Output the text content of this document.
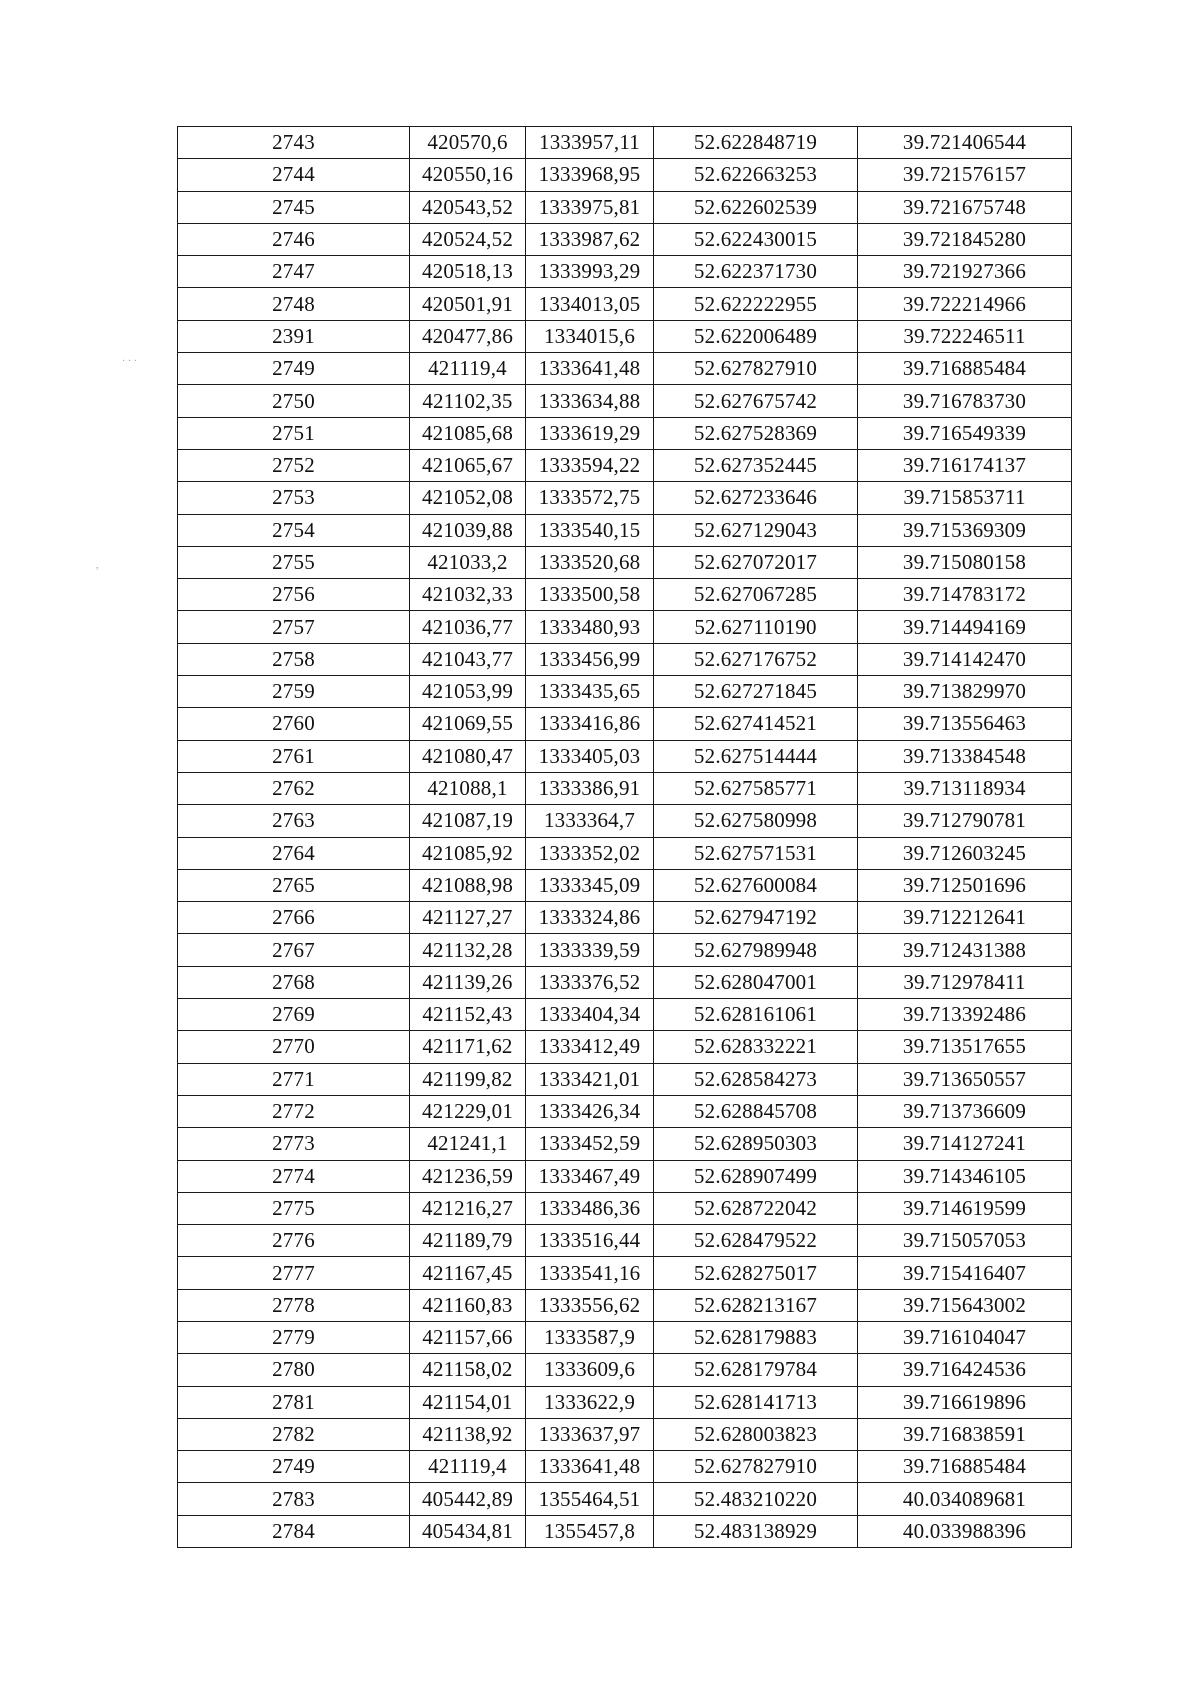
· · ·
,
2743	420570,6	1333957,11	52.622848719	39.721406544
2744	420550,16	1333968,95	52.622663253	39.721576157
2745	420543,52	1333975,81	52.622602539	39.721675748
2746	420524,52	1333987,62	52.622430015	39.721845280
2747	420518,13	1333993,29	52.622371730	39.721927366
2748	420501,91	1334013,05	52.622222955	39.722214966
2391	420477,86	1334015,6	52.622006489	39.722246511
2749	421119,4	1333641,48	52.627827910	39.716885484
2750	421102,35	1333634,88	52.627675742	39.716783730
2751	421085,68	1333619,29	52.627528369	39.716549339
2752	421065,67	1333594,22	52.627352445	39.716174137
2753	421052,08	1333572,75	52.627233646	39.715853711
2754	421039,88	1333540,15	52.627129043	39.715369309
2755	421033,2	1333520,68	52.627072017	39.715080158
2756	421032,33	1333500,58	52.627067285	39.714783172
2757	421036,77	1333480,93	52.627110190	39.714494169
2758	421043,77	1333456,99	52.627176752	39.714142470
2759	421053,99	1333435,65	52.627271845	39.713829970
2760	421069,55	1333416,86	52.627414521	39.713556463
2761	421080,47	1333405,03	52.627514444	39.713384548
2762	421088,1	1333386,91	52.627585771	39.713118934
2763	421087,19	1333364,7	52.627580998	39.712790781
2764	421085,92	1333352,02	52.627571531	39.712603245
2765	421088,98	1333345,09	52.627600084	39.712501696
2766	421127,27	1333324,86	52.627947192	39.712212641
2767	421132,28	1333339,59	52.627989948	39.712431388
2768	421139,26	1333376,52	52.628047001	39.712978411
2769	421152,43	1333404,34	52.628161061	39.713392486
2770	421171,62	1333412,49	52.628332221	39.713517655
2771	421199,82	1333421,01	52.628584273	39.713650557
2772	421229,01	1333426,34	52.628845708	39.713736609
2773	421241,1	1333452,59	52.628950303	39.714127241
2774	421236,59	1333467,49	52.628907499	39.714346105
2775	421216,27	1333486,36	52.628722042	39.714619599
2776	421189,79	1333516,44	52.628479522	39.715057053
2777	421167,45	1333541,16	52.628275017	39.715416407
2778	421160,83	1333556,62	52.628213167	39.715643002
2779	421157,66	1333587,9	52.628179883	39.716104047
2780	421158,02	1333609,6	52.628179784	39.716424536
2781	421154,01	1333622,9	52.628141713	39.716619896
2782	421138,92	1333637,97	52.628003823	39.716838591
2749	421119,4	1333641,48	52.627827910	39.716885484
2783	405442,89	1355464,51	52.483210220	40.034089681
2784	405434,81	1355457,8	52.483138929	40.033988396
